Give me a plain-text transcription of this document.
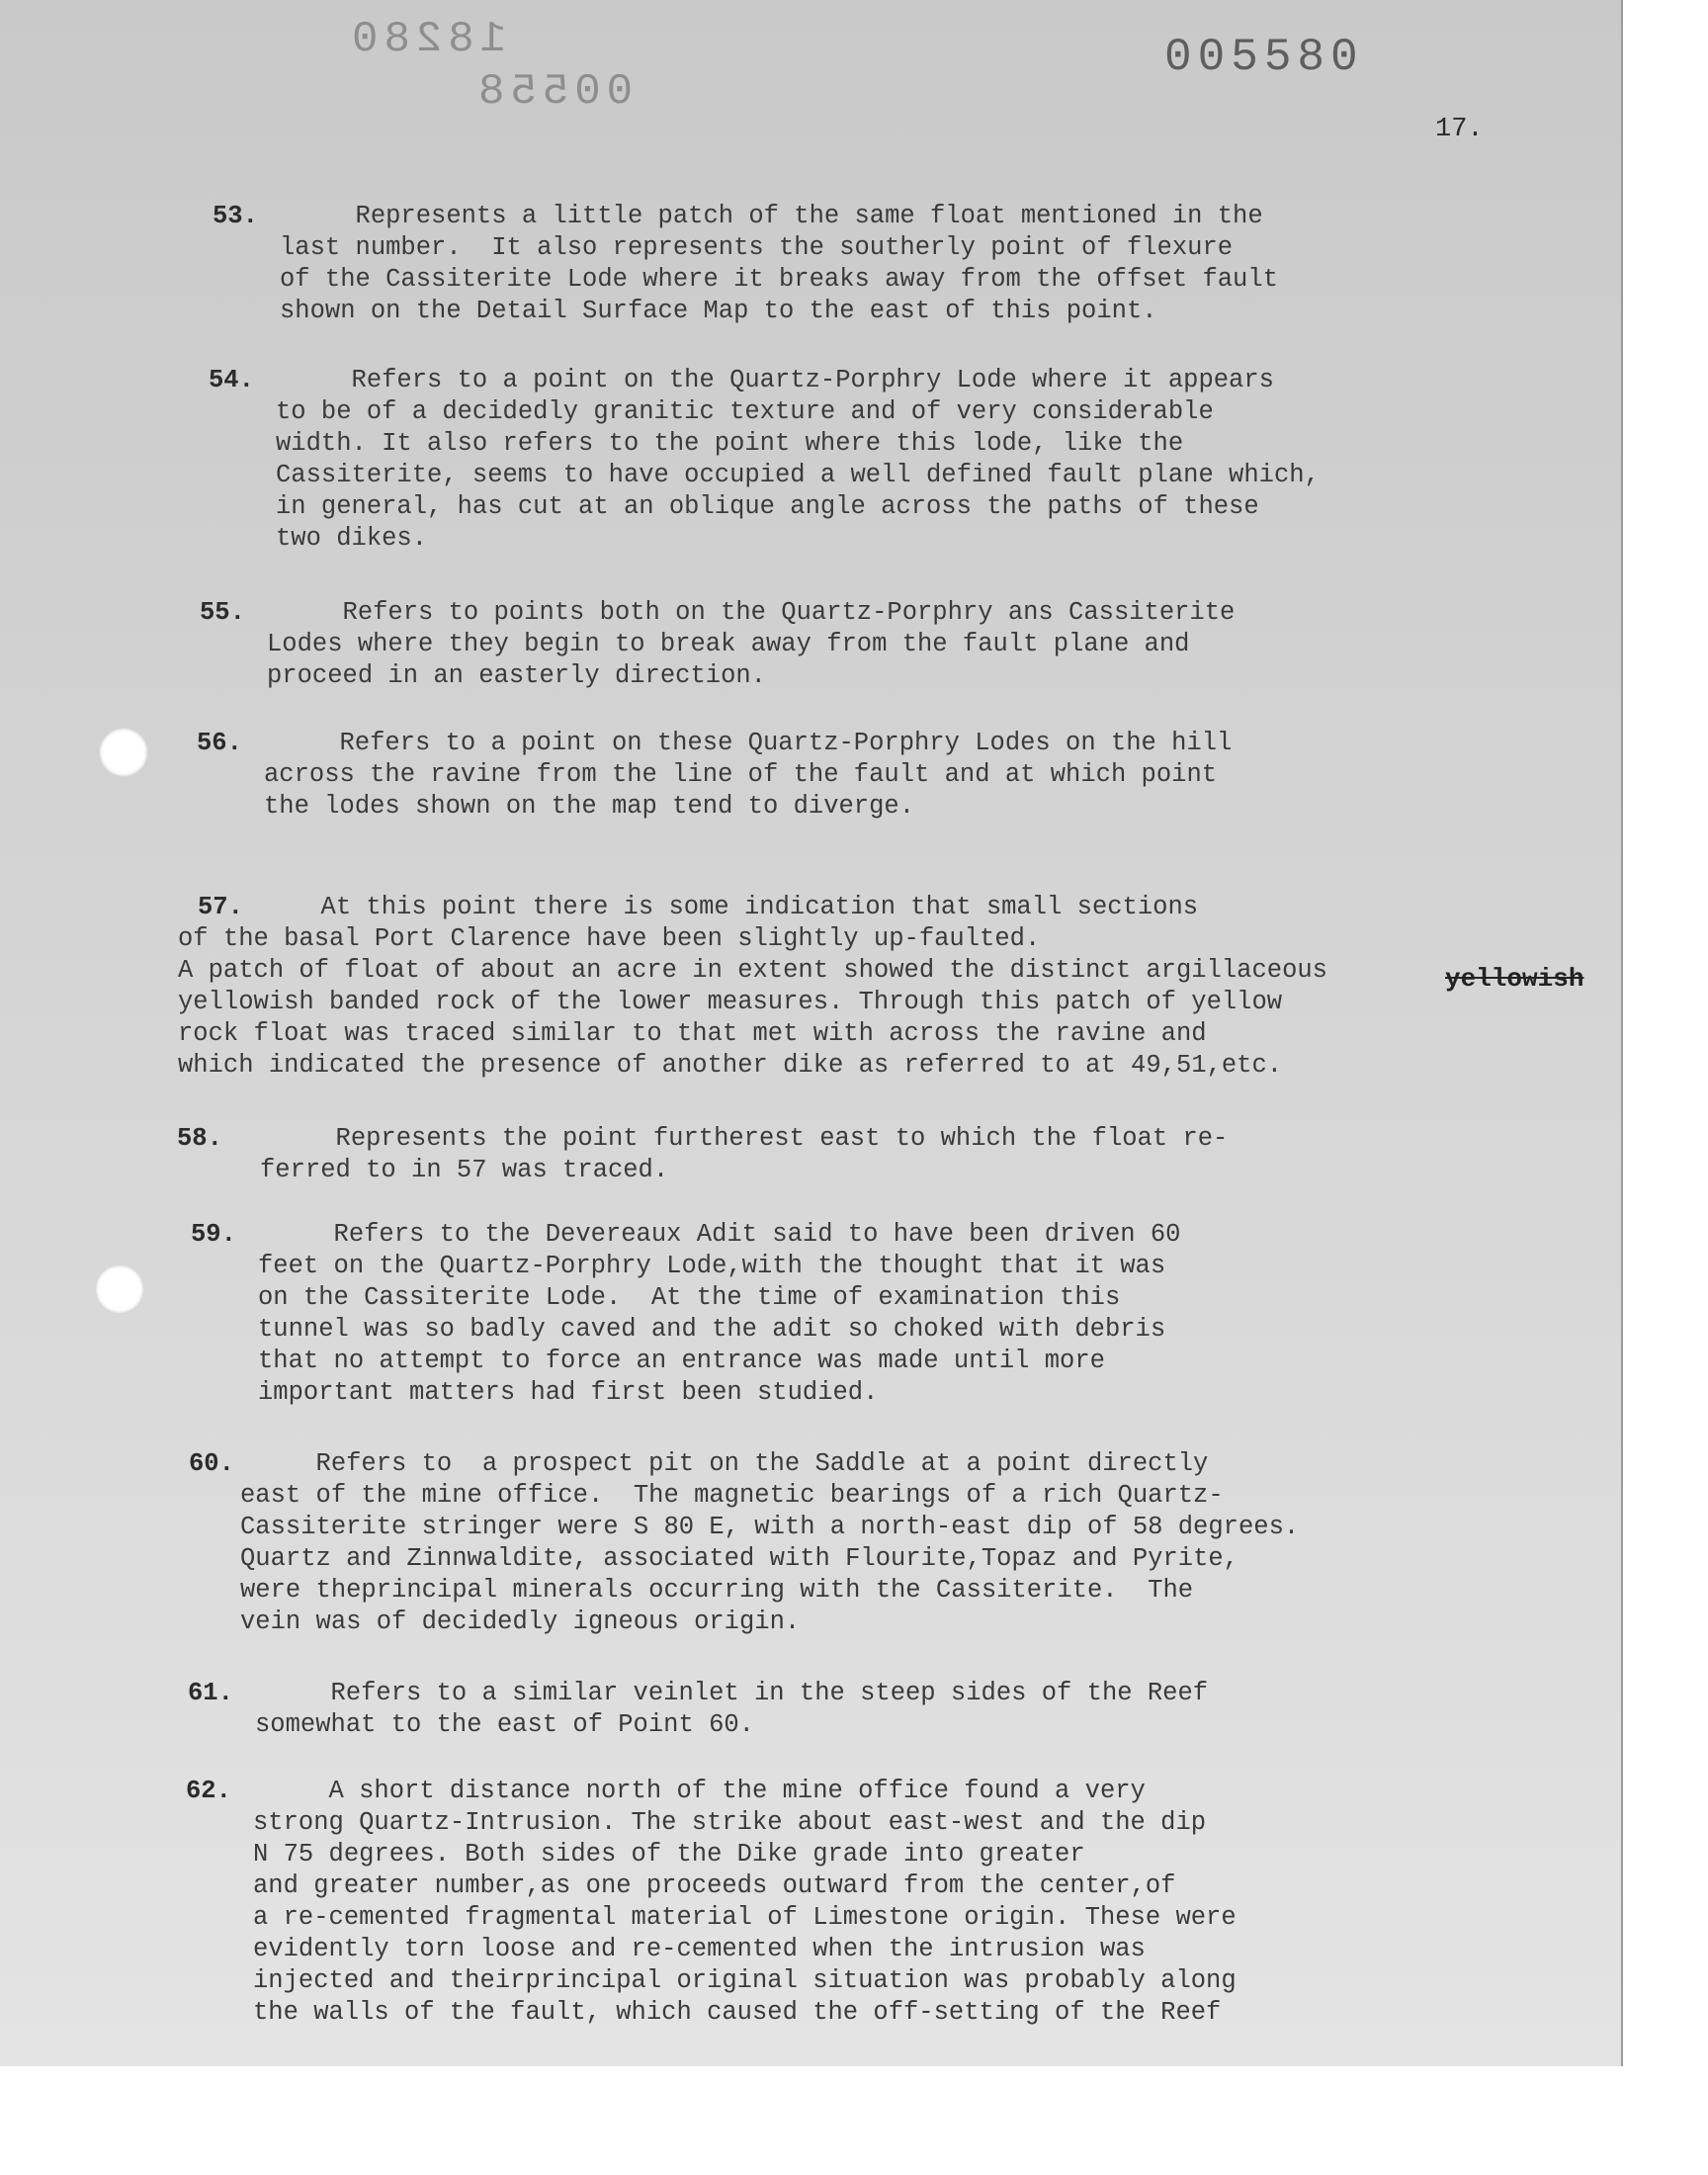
005580
18280
00558
17.
53. Represents a little patch of the same float mentioned in the
last number.  It also represents the southerly point of flexure
of the Cassiterite Lode where it breaks away from the offset fault
shown on the Detail Surface Map to the east of this point.
54. Refers to a point on the Quartz-Porphry Lode where it appears
to be of a decidedly granitic texture and of very considerable
width. It also refers to the point where this lode, like the
Cassiterite, seems to have occupied a well defined fault plane which,
in general, has cut at an oblique angle across the paths of these
two dikes.
55. Refers to points both on the Quartz-Porphry ans Cassiterite
Lodes where they begin to break away from the fault plane and
proceed in an easterly direction.
56. Refers to a point on these Quartz-Porphry Lodes on the hill
across the ravine from the line of the fault and at which point
the lodes shown on the map tend to diverge.
57. At this point there is some indication that small sections
of the basal Port Clarence have been slightly up-faulted.
A patch of float of about an acre in extent showed the distinct argillaceous
yellowish banded rock of the lower measures. Through this patch of yellow
rock float was traced similar to that met with across the ravine and
which indicated the presence of another dike as referred to at 49,51,etc.
yellowish
58. Represents the point furtherest east to which the float re-
ferred to in 57 was traced.
59. Refers to the Devereaux Adit said to have been driven 60
feet on the Quartz-Porphry Lode,with the thought that it was
on the Cassiterite Lode.  At the time of examination this
tunnel was so badly caved and the adit so choked with debris
that no attempt to force an entrance was made until more
important matters had first been studied.
60. Refers to  a prospect pit on the Saddle at a point directly
east of the mine office.  The magnetic bearings of a rich Quartz-
Cassiterite stringer were S 80 E, with a north-east dip of 58 degrees.
Quartz and Zinnwaldite, associated with Flourite,Topaz and Pyrite,
were theprincipal minerals occurring with the Cassiterite.  The
vein was of decidedly igneous origin.
61. Refers to a similar veinlet in the steep sides of the Reef
somewhat to the east of Point 60.
62. A short distance north of the mine office found a very
strong Quartz-Intrusion. The strike about east-west and the dip
N 75 degrees. Both sides of the Dike grade into greater
and greater number,as one proceeds outward from the center,of
a re-cemented fragmental material of Limestone origin. These were
evidently torn loose and re-cemented when the intrusion was
injected and theirprincipal original situation was probably along
the walls of the fault, which caused the off-setting of the Reef
